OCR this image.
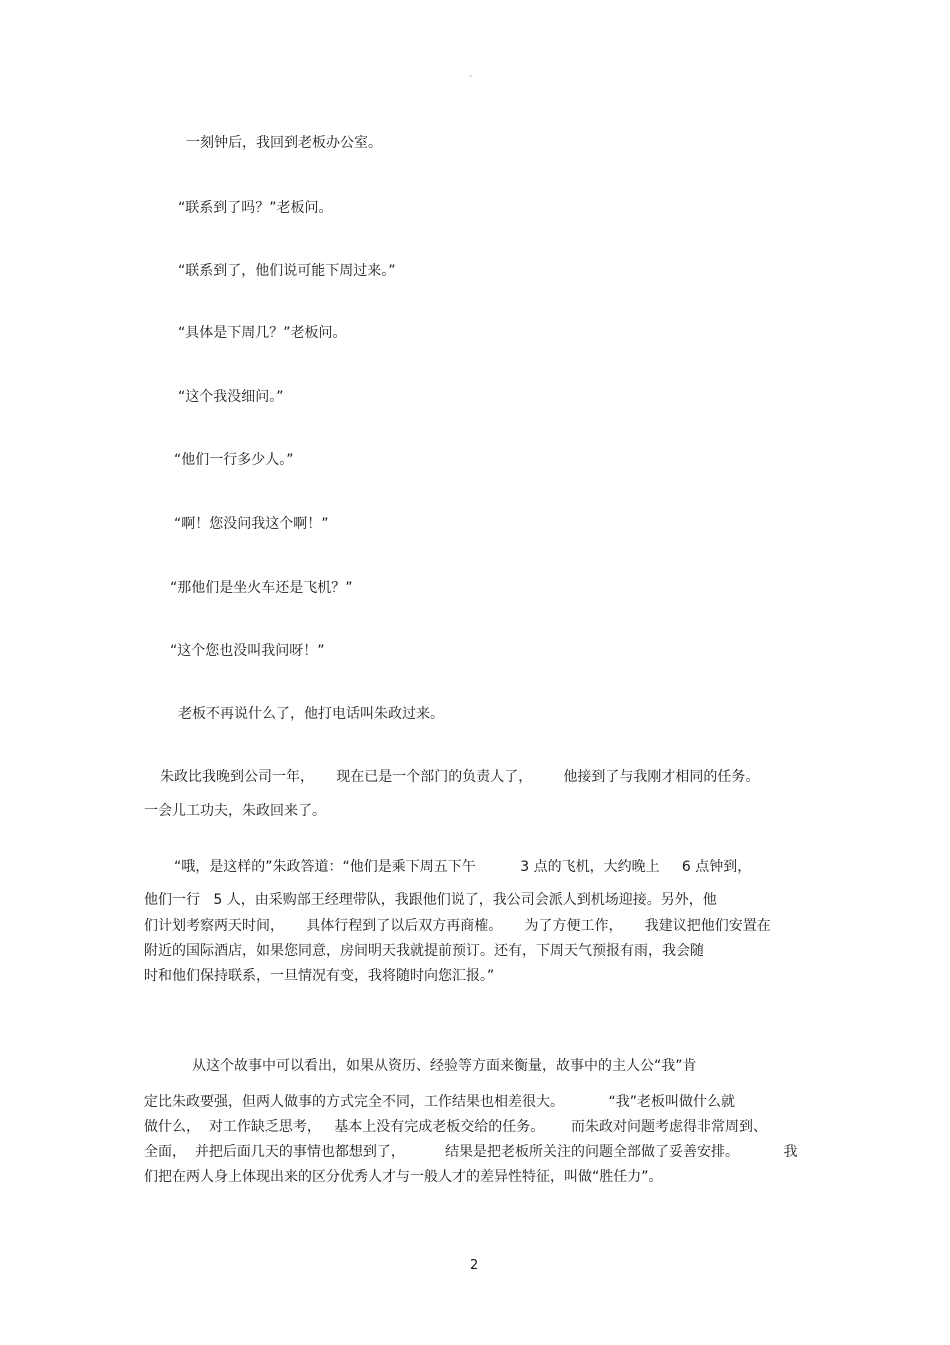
。
一刻钟后，我回到老板办公室。
“联系到了吗？”老板问。
“联系到了，他们说可能下周过来。”
“具体是下周几？”老板问。
“这个我没细问。”
“他们一行多少人。”
“啊！您没问我这个啊！”
“那他们是坐火车还是飞机？”
“这个您也没叫我问呀！”
老板不再说什么了，他打电话叫朱政过来。
朱政比我晚到公司一年，     现在已是一个部门的负责人了，       他接到了与我刚才相同的任务。
一会儿工功夫，朱政回来了。
“哦，是这样的”朱政答道：“他们是乘下周五下午          3 点的飞机，大约晚上     6 点钟到，
他们一行   5 人，由采购部王经理带队，我跟他们说了，我公司会派人到机场迎接。另外，他
们计划考察两天时间，     具体行程到了以后双方再商榷。     为了方便工作，     我建议把他们安置在
附近的国际酒店，如果您同意，房间明天我就提前预订。还有，下周天气预报有雨，我会随
时和他们保持联系，一旦情况有变，我将随时向您汇报。”
从这个故事中可以看出，如果从资历、经验等方面来衡量，故事中的主人公“我”肯
定比朱政要强，但两人做事的方式完全不同，工作结果也相差很大。          “我”老板叫做什么就
做什么，  对工作缺乏思考，   基本上没有完成老板交给的任务。      而朱政对问题考虑得非常周到、
全面，  并把后面几天的事情也都想到了，         结果是把老板所关注的问题全部做了妥善安排。          我
们把在两人身上体现出来的区分优秀人才与一般人才的差异性特征，叫做“胜任力”。
2
